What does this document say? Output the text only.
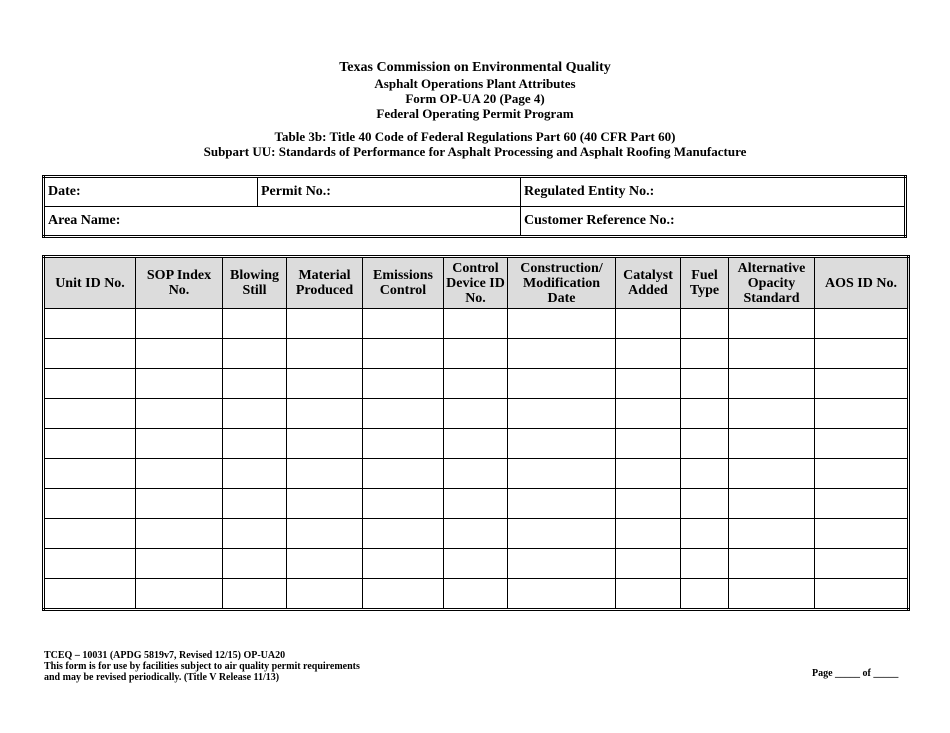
Texas Commission on Environmental Quality
Asphalt Operations Plant Attributes
Form OP-UA 20 (Page 4)
Federal Operating Permit Program
Table 3b: Title 40 Code of Federal Regulations Part 60 (40 CFR Part 60)
Subpart UU: Standards of Performance for Asphalt Processing and Asphalt Roofing Manufacture
Date:	Permit No.:	Regulated Entity No.:
Area Name:		Customer Reference No.:
Unit ID No.	SOP Index No.	Blowing Still	Material Produced	Emissions Control	Control Device ID No.	Construction/ Modification Date	Catalyst Added	Fuel Type	Alternative Opacity Standard	AOS ID No.

TCEQ – 10031 (APDG 5819v7, Revised 12/15) OP-UA20
This form is for use by facilities subject to air quality permit requirements
and may be revised periodically. (Title V Release 11/13)	Page _____ of _____
